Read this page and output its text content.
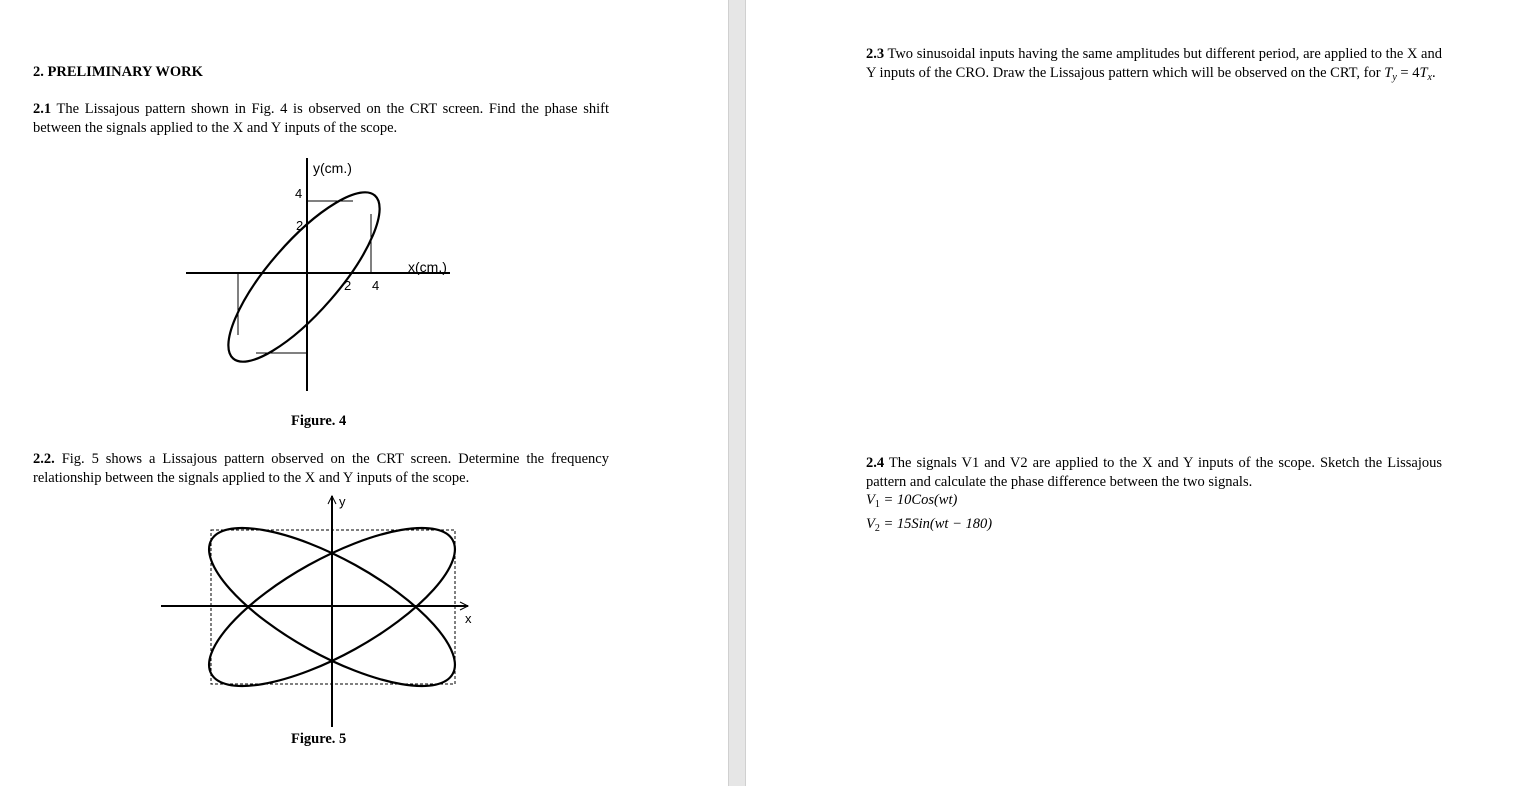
2. PRELIMINARY WORK
2.1 The Lissajous pattern shown in Fig. 4 is observed on the CRT screen. Find the phase shift between the signals applied to the X and Y inputs of the scope.
y(cm.)
x(cm.)
4
2
2 4
Figure. 4
2.2. Fig. 5 shows a Lissajous pattern observed on the CRT screen. Determine the frequency relationship between the signals applied to the X and Y inputs of the scope.
y
x
Figure. 5
2.3 Two sinusoidal inputs having the same amplitudes but different period, are applied to the X and Y inputs of the CRO. Draw the Lissajous pattern which will be observed on the CRT, for $T_y = 4T_x$.
2.4 The signals V1 and V2 are applied to the X and Y inputs of the scope. Sketch the Lissajous pattern and calculate the phase difference between the two signals.
$V_1 = 10Cos(wt)$
$V_2 = 15Sin(wt - 180)$
